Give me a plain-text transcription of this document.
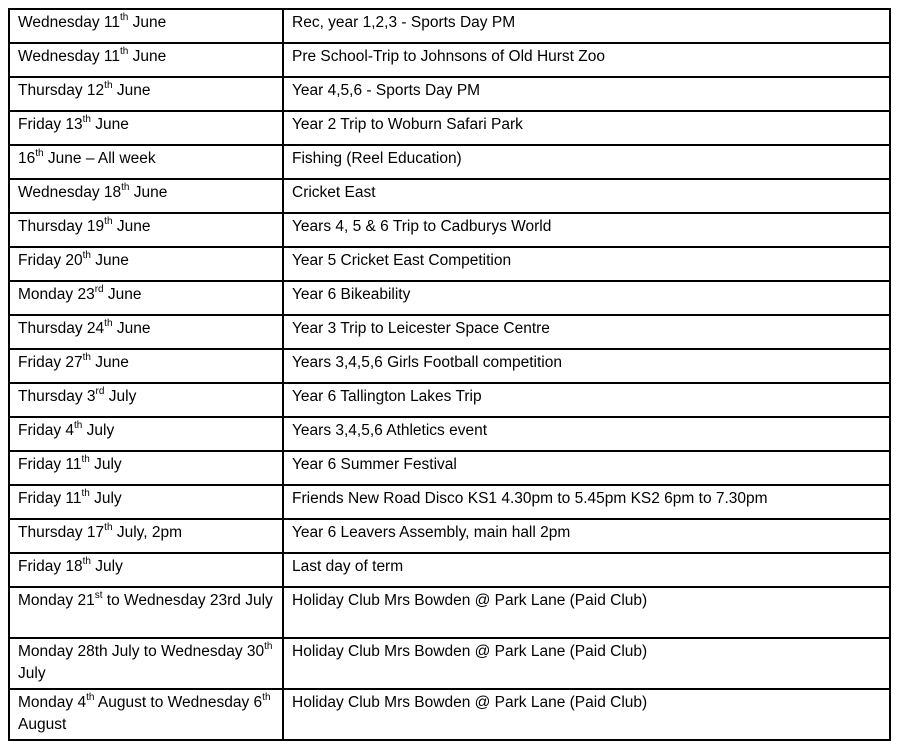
Wednesday 11th June	Rec, year 1,2,3 - Sports Day PM
Wednesday 11th June	Pre School-Trip to Johnsons of Old Hurst Zoo
Thursday 12th June	Year 4,5,6 - Sports Day PM
Friday 13th June	Year 2 Trip to Woburn Safari Park
16th June – All week	Fishing (Reel Education)
Wednesday 18th June	Cricket East
Thursday 19th June	Years 4, 5 & 6 Trip to Cadburys World
Friday 20th June	Year 5 Cricket East Competition
Monday 23rd June	Year 6 Bikeability
Thursday 24th June	Year 3 Trip to Leicester Space Centre
Friday 27th June	Years 3,4,5,6 Girls Football competition
Thursday 3rd July	Year 6 Tallington Lakes Trip
Friday 4th July	Years 3,4,5,6 Athletics event
Friday 11th July	Year 6 Summer Festival
Friday 11th July	Friends New Road Disco KS1 4.30pm to 5.45pm KS2 6pm to 7.30pm
Thursday 17th July, 2pm	Year 6 Leavers Assembly, main hall 2pm
Friday 18th July	Last day of term
Monday 21st to Wednesday 23rd July	Holiday Club Mrs Bowden @ Park Lane (Paid Club)
Monday 28th July to Wednesday 30th July	Holiday Club Mrs Bowden @ Park Lane (Paid Club)
Monday 4th August to Wednesday 6th August	Holiday Club Mrs Bowden @ Park Lane (Paid Club)
